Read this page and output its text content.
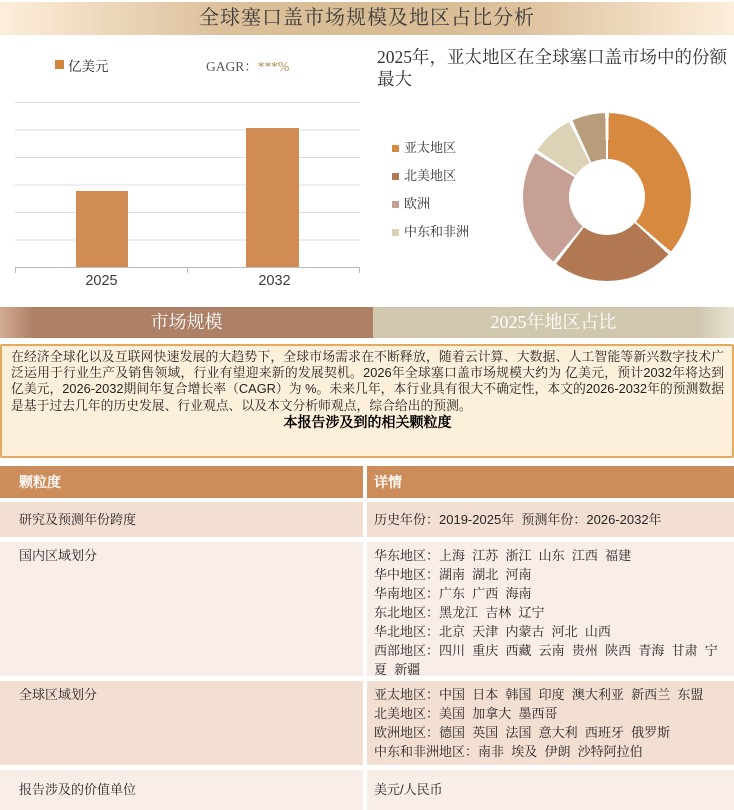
全球塞口盖市场规模及地区占比分析
亿美元	GAGR：***%
2025	2032
2025年，亚太地区在全球塞口盖市场中的份额最大
亚太地区
北美地区
欧洲
中东和非洲
市场规模	2025年地区占比
在经济全球化以及互联网快速发展的大趋势下，全球市场需求在不断释放，随着云计算、大数据、人工智能等新兴数字技术广泛运用于行业生产及销售领域，行业有望迎来新的发展契机。2026年全球塞口盖市场规模大约为 亿美元，预计2032年将达到 亿美元，2026-2032期间年复合增长率（CAGR）为 %。未来几年，本行业具有很大不确定性，本文的2026-2032年的预测数据是基于过去几年的历史发展、行业观点、以及本文分析师观点，综合给出的预测。
本报告涉及到的相关颗粒度
颗粒度	详情
研究及预测年份跨度	历史年份：2019-2025年  预测年份：2026-2032年
国内区域划分	华东地区：上海  江苏  浙江  山东  江西  福建
华中地区：湖南  湖北  河南
华南地区：广东  广西  海南
东北地区：黑龙江  吉林  辽宁
华北地区：北京  天津  内蒙古  河北  山西
西部地区：四川  重庆  西藏  云南  贵州  陕西  青海  甘肃  宁夏  新疆
全球区域划分	亚太地区：中国  日本  韩国  印度  澳大利亚  新西兰  东盟
北美地区：美国  加拿大  墨西哥
欧洲地区：德国  英国  法国  意大利  西班牙  俄罗斯
中东和非洲地区：南非  埃及  伊朗  沙特阿拉伯
报告涉及的价值单位	美元/人民币
